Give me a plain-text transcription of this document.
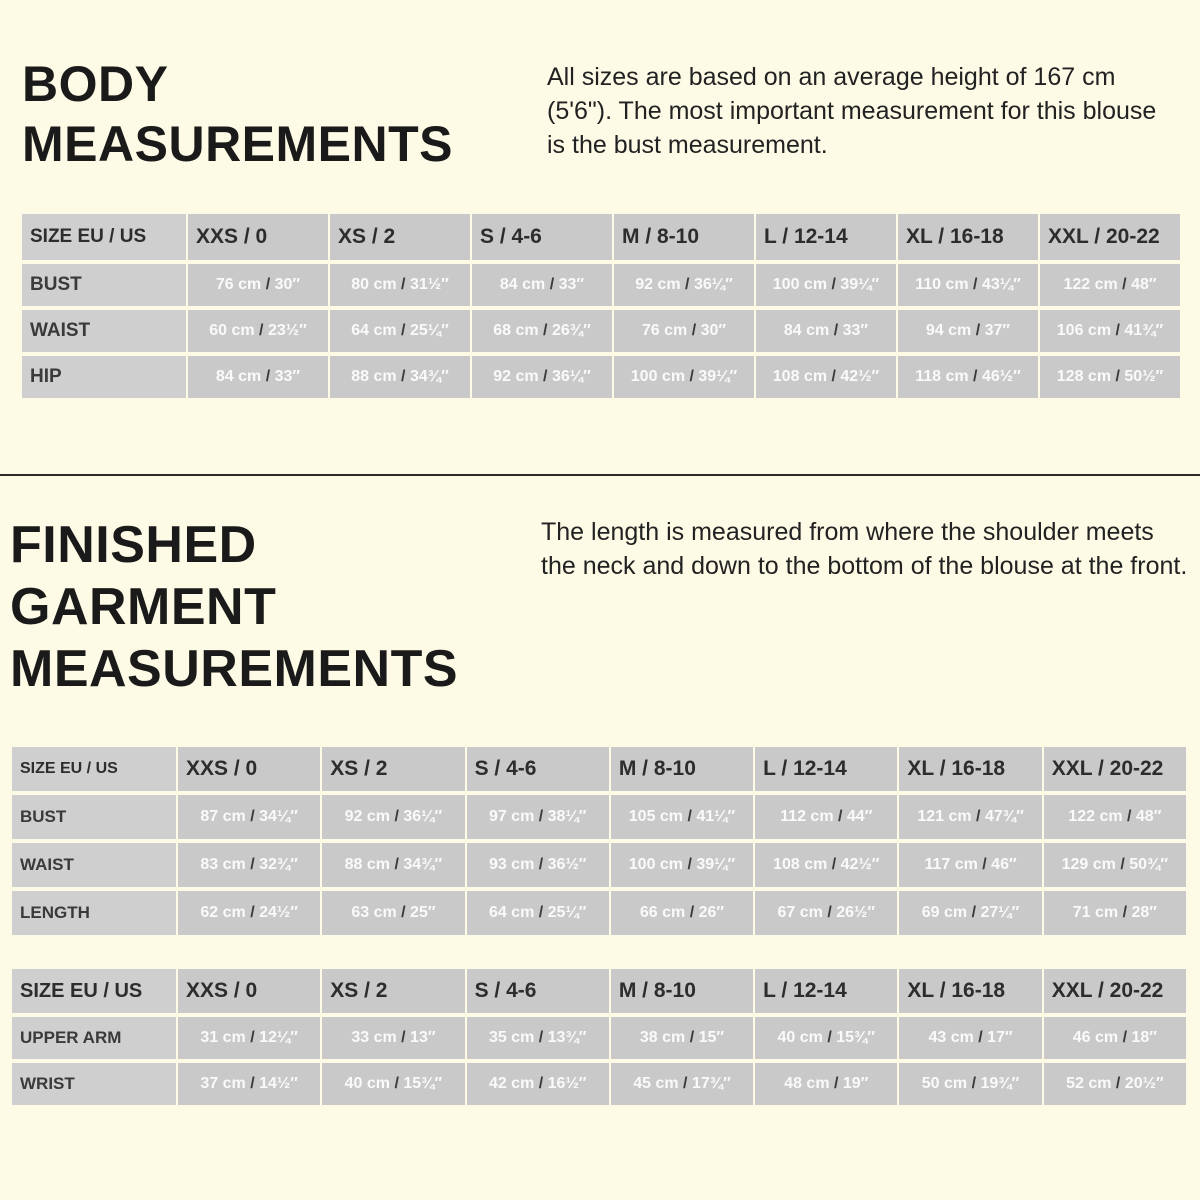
BODY
MEASUREMENTS

All sizes are based on an average height of 167 cm (5'6"). The most important measurement for this blouse is the bust measurement.

SIZE EU / US	XXS / 0	XS / 2	S / 4-6	M / 8-10	L / 12-14	XL / 16-18	XXL / 20-22
BUST	76 cm / 30″	80 cm / 31½″	84 cm / 33″	92 cm / 36¼″	100 cm / 39¼″	110 cm / 43¼″	122 cm / 48″
WAIST	60 cm / 23½″	64 cm / 25¼″	68 cm / 26¾″	76 cm / 30″	84 cm / 33″	94 cm / 37″	106 cm / 41¾″
HIP	84 cm / 33″	88 cm / 34¾″	92 cm / 36¼″	100 cm / 39¼″	108 cm / 42½″	118 cm / 46½″	128 cm / 50½″
FINISHED
GARMENT
MEASUREMENTS

The length is measured from where the shoulder meets the neck and down to the bottom of the blouse at the front.

SIZE EU / US	XXS / 0	XS / 2	S / 4-6	M / 8-10	L / 12-14	XL / 16-18	XXL / 20-22
BUST	87 cm / 34¼″	92 cm / 36¼″	97 cm / 38¼″	105 cm / 41¼″	112 cm / 44″	121 cm / 47¾″	122 cm / 48″
WAIST	83 cm / 32¾″	88 cm / 34¾″	93 cm / 36½″	100 cm / 39¼″	108 cm / 42½″	117 cm / 46″	129 cm / 50¾″
LENGTH	62 cm / 24½″	63 cm / 25″	64 cm / 25¼″	66 cm / 26″	67 cm / 26½″	69 cm / 27¼″	71 cm / 28″
SIZE EU / US	XXS / 0	XS / 2	S / 4-6	M / 8-10	L / 12-14	XL / 16-18	XXL / 20-22
UPPER ARM	31 cm / 12¼″	33 cm / 13″	35 cm / 13¾″	38 cm / 15″	40 cm / 15¾″	43 cm / 17″	46 cm / 18″
WRIST	37 cm / 14½″	40 cm / 15¾″	42 cm / 16½″	45 cm / 17¾″	48 cm / 19″	50 cm / 19¾″	52 cm / 20½″
